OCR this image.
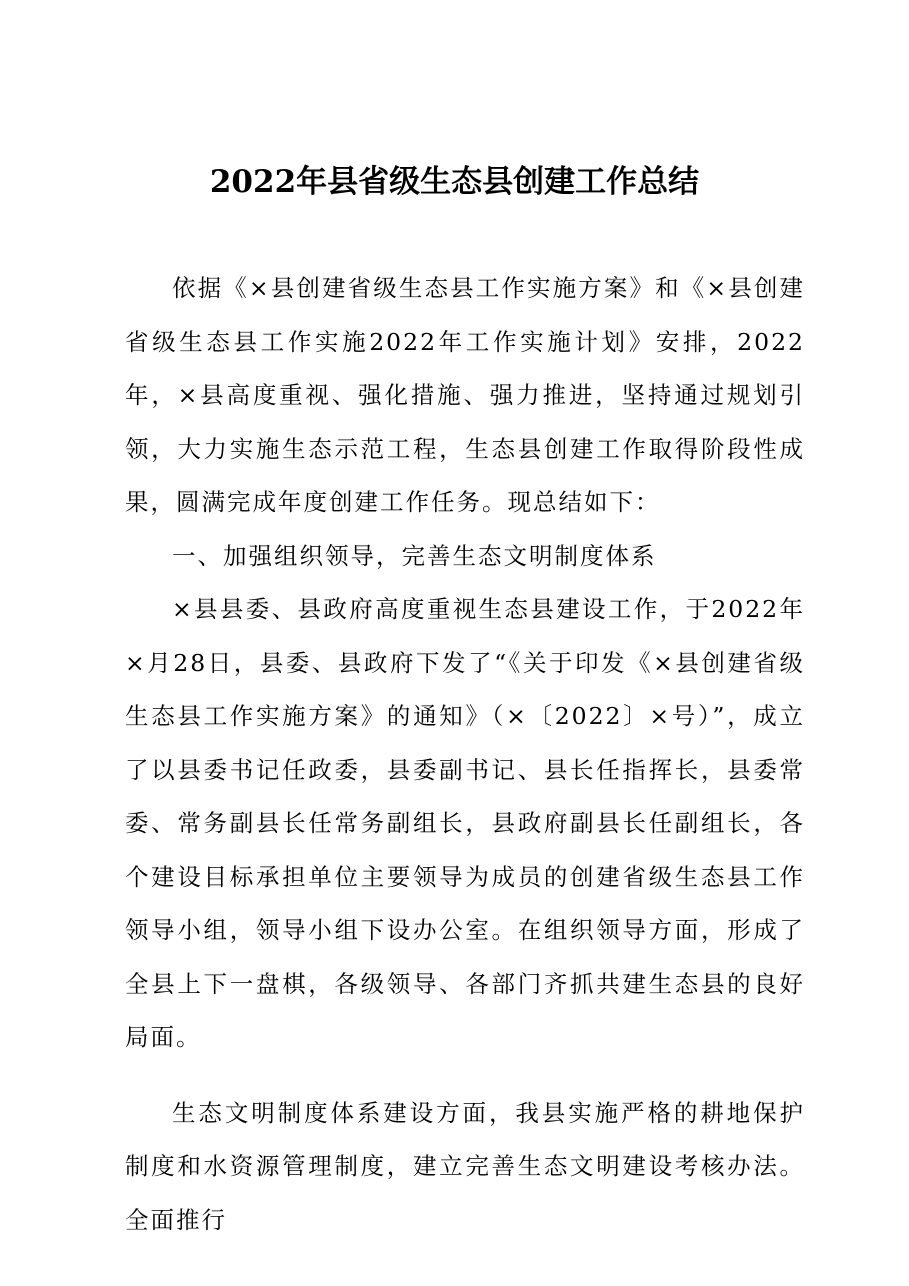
2022年县省级生态县创建工作总结

依据《×县创建省级生态县工作实施方案》和《×县创建省级生态县工作实施2022年工作实施计划》安排，2022年，×县高度重视、强化措施、强力推进，坚持通过规划引领，大力实施生态示范工程，生态县创建工作取得阶段性成果，圆满完成年度创建工作任务。现总结如下：

一、加强组织领导，完善生态文明制度体系

×县县委、县政府高度重视生态县建设工作，于2022年×月28日，县委、县政府下发了“《关于印发《×县创建省级生态县工作实施方案》的通知》（×〔2022〕×号）”，成立了以县委书记任政委，县委副书记、县长任指挥长，县委常委、常务副县长任常务副组长，县政府副县长任副组长，各个建设目标承担单位主要领导为成员的创建省级生态县工作领导小组，领导小组下设办公室。在组织领导方面，形成了全县上下一盘棋，各级领导、各部门齐抓共建生态县的良好局面。

生态文明制度体系建设方面，我县实施严格的耕地保护制度和水资源管理制度，建立完善生态文明建设考核办法。全面推行
